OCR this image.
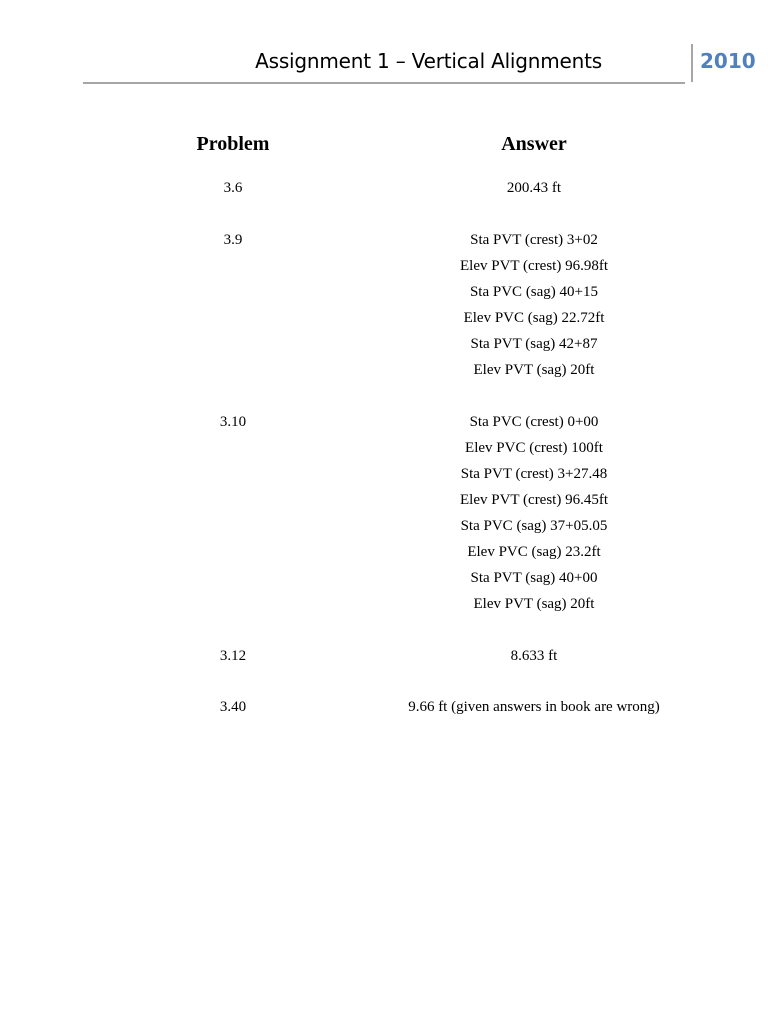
Assignment 1 – Vertical Alignments	2010
Problem	Answer
3.6	200.43 ft
3.9	Sta PVT (crest) 3+02
Elev PVT (crest) 96.98ft
Sta PVC (sag) 40+15
Elev PVC (sag) 22.72ft
Sta PVT (sag) 42+87
Elev PVT (sag) 20ft
3.10	Sta PVC (crest) 0+00
Elev PVC (crest) 100ft
Sta PVT (crest) 3+27.48
Elev PVT (crest) 96.45ft
Sta PVC (sag) 37+05.05
Elev PVC (sag) 23.2ft
Sta PVT (sag) 40+00
Elev PVT (sag) 20ft
3.12	8.633 ft
3.40	9.66 ft (given answers in book are wrong)
